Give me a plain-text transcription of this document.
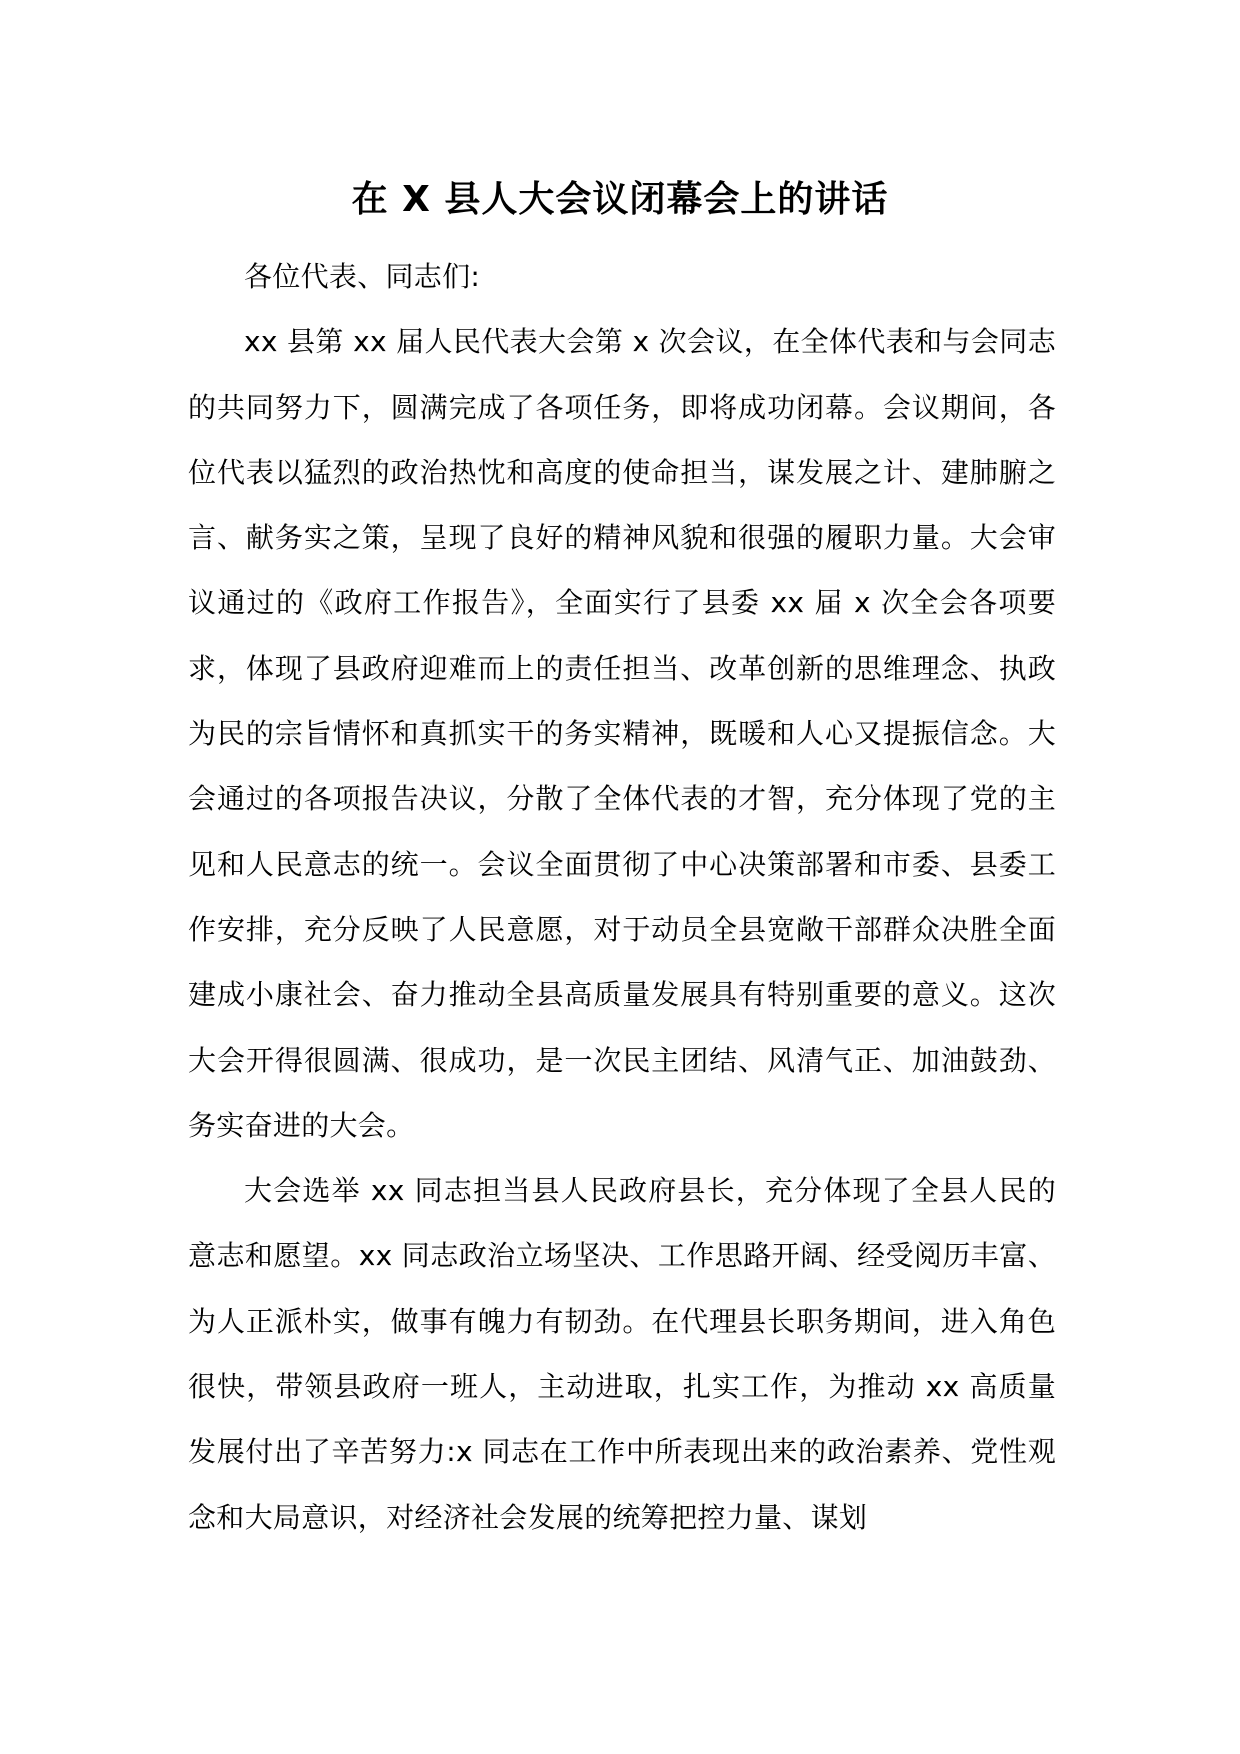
在 X 县人大会议闭幕会上的讲话

各位代表、同志们:

xx 县第 xx 届人民代表大会第 x 次会议，在全体代表和与会同志的共同努力下，圆满完成了各项任务，即将成功闭幕。会议期间，各位代表以猛烈的政治热忱和高度的使命担当，谋发展之计、建肺腑之言、献务实之策，呈现了良好的精神风貌和很强的履职力量。大会审议通过的《政府工作报告》，全面实行了县委 xx 届 x 次全会各项要求，体现了县政府迎难而上的责任担当、改革创新的思维理念、执政为民的宗旨情怀和真抓实干的务实精神，既暖和人心又提振信念。大会通过的各项报告决议，分散了全体代表的才智，充分体现了党的主见和人民意志的统一。会议全面贯彻了中心决策部署和市委、县委工作安排，充分反映了人民意愿，对于动员全县宽敞干部群众决胜全面建成小康社会、奋力推动全县高质量发展具有特别重要的意义。这次大会开得很圆满、很成功，是一次民主团结、风清气正、加油鼓劲、务实奋进的大会。

大会选举 xx 同志担当县人民政府县长，充分体现了全县人民的意志和愿望。xx 同志政治立场坚决、工作思路开阔、经受阅历丰富、为人正派朴实，做事有魄力有韧劲。在代理县长职务期间，进入角色很快，带领县政府一班人，主动进取，扎实工作，为推动 xx 高质量发展付出了辛苦努力:x 同志在工作中所表现出来的政治素养、党性观念和大局意识，对经济社会发展的统筹把控力量、谋划
